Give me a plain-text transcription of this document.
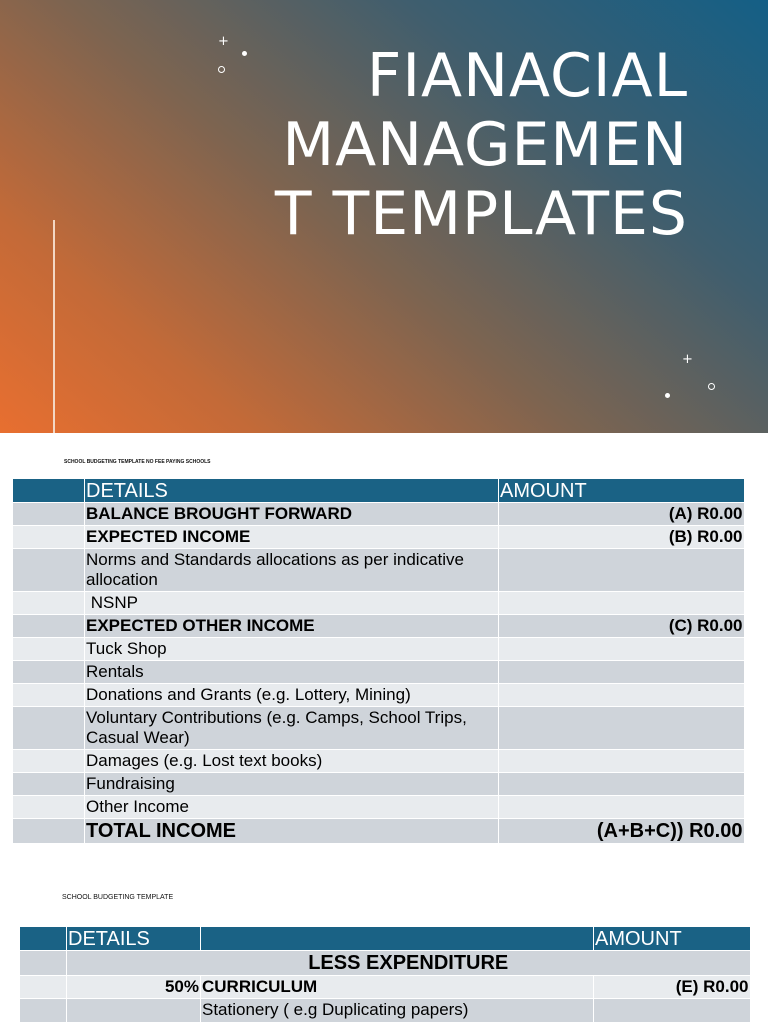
+	FIANACIAL
MANAGEMEN
T TEMPLATES
+
SCHOOL BUDGETING TEMPLATE NO FEE PAYING SCHOOLS
	DETAILS	AMOUNT
	BALANCE BROUGHT FORWARD	(A) R0.00
	EXPECTED INCOME	(B) R0.00
	Norms and Standards allocations as per indicative allocation	
	NSNP	
	EXPECTED OTHER INCOME	(C) R0.00
	Tuck Shop	
	Rentals	
	Donations and Grants (e.g. Lottery, Mining)	
	Voluntary Contributions (e.g. Camps, School Trips, Casual Wear)	
	Damages (e.g. Lost text books)	
	Fundraising	
	Other Income	
	TOTAL INCOME	(A+B+C)) R0.00
SCHOOL BUDGETING TEMPLATE
	DETAILS		AMOUNT
	LESS EXPENDITURE		
	50%	CURRICULUM	(E) R0.00
		Stationery ( e.g Duplicating papers)	
